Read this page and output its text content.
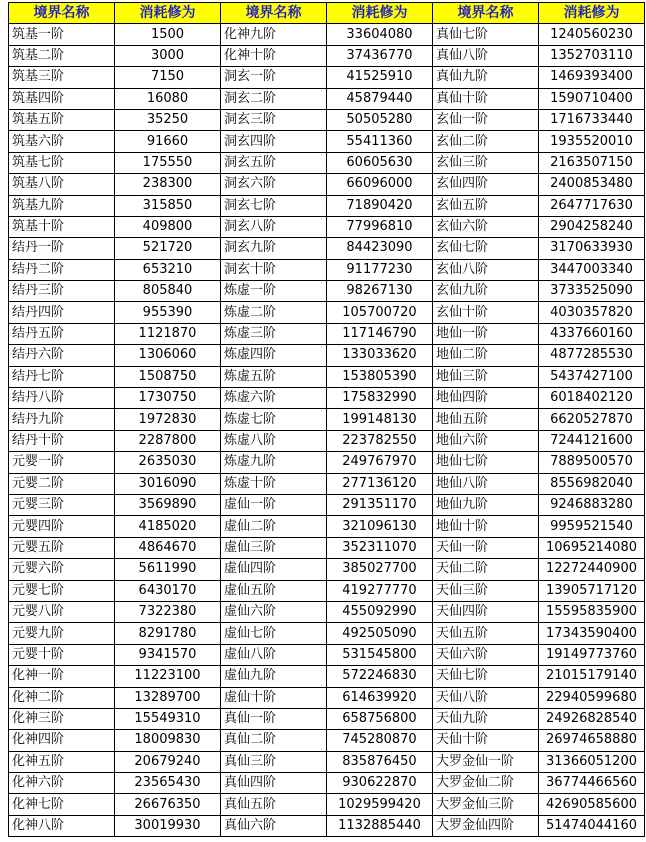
境界名称	消耗修为	境界名称	消耗修为	境界名称	消耗修为
筑基一阶	1500	化神九阶	33604080	真仙七阶	1240560230
筑基二阶	3000	化神十阶	37436770	真仙八阶	1352703110
筑基三阶	7150	洞玄一阶	41525910	真仙九阶	1469393400
筑基四阶	16080	洞玄二阶	45879440	真仙十阶	1590710400
筑基五阶	35250	洞玄三阶	50505280	玄仙一阶	1716733440
筑基六阶	91660	洞玄四阶	55411360	玄仙二阶	1935520010
筑基七阶	175550	洞玄五阶	60605630	玄仙三阶	2163507150
筑基八阶	238300	洞玄六阶	66096000	玄仙四阶	2400853480
筑基九阶	315850	洞玄七阶	71890420	玄仙五阶	2647717630
筑基十阶	409800	洞玄八阶	77996810	玄仙六阶	2904258240
结丹一阶	521720	洞玄九阶	84423090	玄仙七阶	3170633930
结丹二阶	653210	洞玄十阶	91177230	玄仙八阶	3447003340
结丹三阶	805840	炼虚一阶	98267130	玄仙九阶	3733525090
结丹四阶	955390	炼虚二阶	105700720	玄仙十阶	4030357820
结丹五阶	1121870	炼虚三阶	117146790	地仙一阶	4337660160
结丹六阶	1306060	炼虚四阶	133033620	地仙二阶	4877285530
结丹七阶	1508750	炼虚五阶	153805390	地仙三阶	5437427100
结丹八阶	1730750	炼虚六阶	175832990	地仙四阶	6018402120
结丹九阶	1972830	炼虚七阶	199148130	地仙五阶	6620527870
结丹十阶	2287800	炼虚八阶	223782550	地仙六阶	7244121600
元婴一阶	2635030	炼虚九阶	249767970	地仙七阶	7889500570
元婴二阶	3016090	炼虚十阶	277136120	地仙八阶	8556982040
元婴三阶	3569890	虚仙一阶	291351170	地仙九阶	9246883280
元婴四阶	4185020	虚仙二阶	321096130	地仙十阶	9959521540
元婴五阶	4864670	虚仙三阶	352311070	天仙一阶	10695214080
元婴六阶	5611990	虚仙四阶	385027700	天仙二阶	12272440900
元婴七阶	6430170	虚仙五阶	419277770	天仙三阶	13905717120
元婴八阶	7322380	虚仙六阶	455092990	天仙四阶	15595835900
元婴九阶	8291780	虚仙七阶	492505090	天仙五阶	17343590400
元婴十阶	9341570	虚仙八阶	531545800	天仙六阶	19149773760
化神一阶	11223100	虚仙九阶	572246830	天仙七阶	21015179140
化神二阶	13289700	虚仙十阶	614639920	天仙八阶	22940599680
化神三阶	15549310	真仙一阶	658756800	天仙九阶	24926828540
化神四阶	18009830	真仙二阶	745280870	天仙十阶	26974658880
化神五阶	20679240	真仙三阶	835876450	大罗金仙一阶	31366051200
化神六阶	23565430	真仙四阶	930622870	大罗金仙二阶	36774466560
化神七阶	26676350	真仙五阶	1029599420	大罗金仙三阶	42690585600
化神八阶	30019930	真仙六阶	1132885440	大罗金仙四阶	51474044160
